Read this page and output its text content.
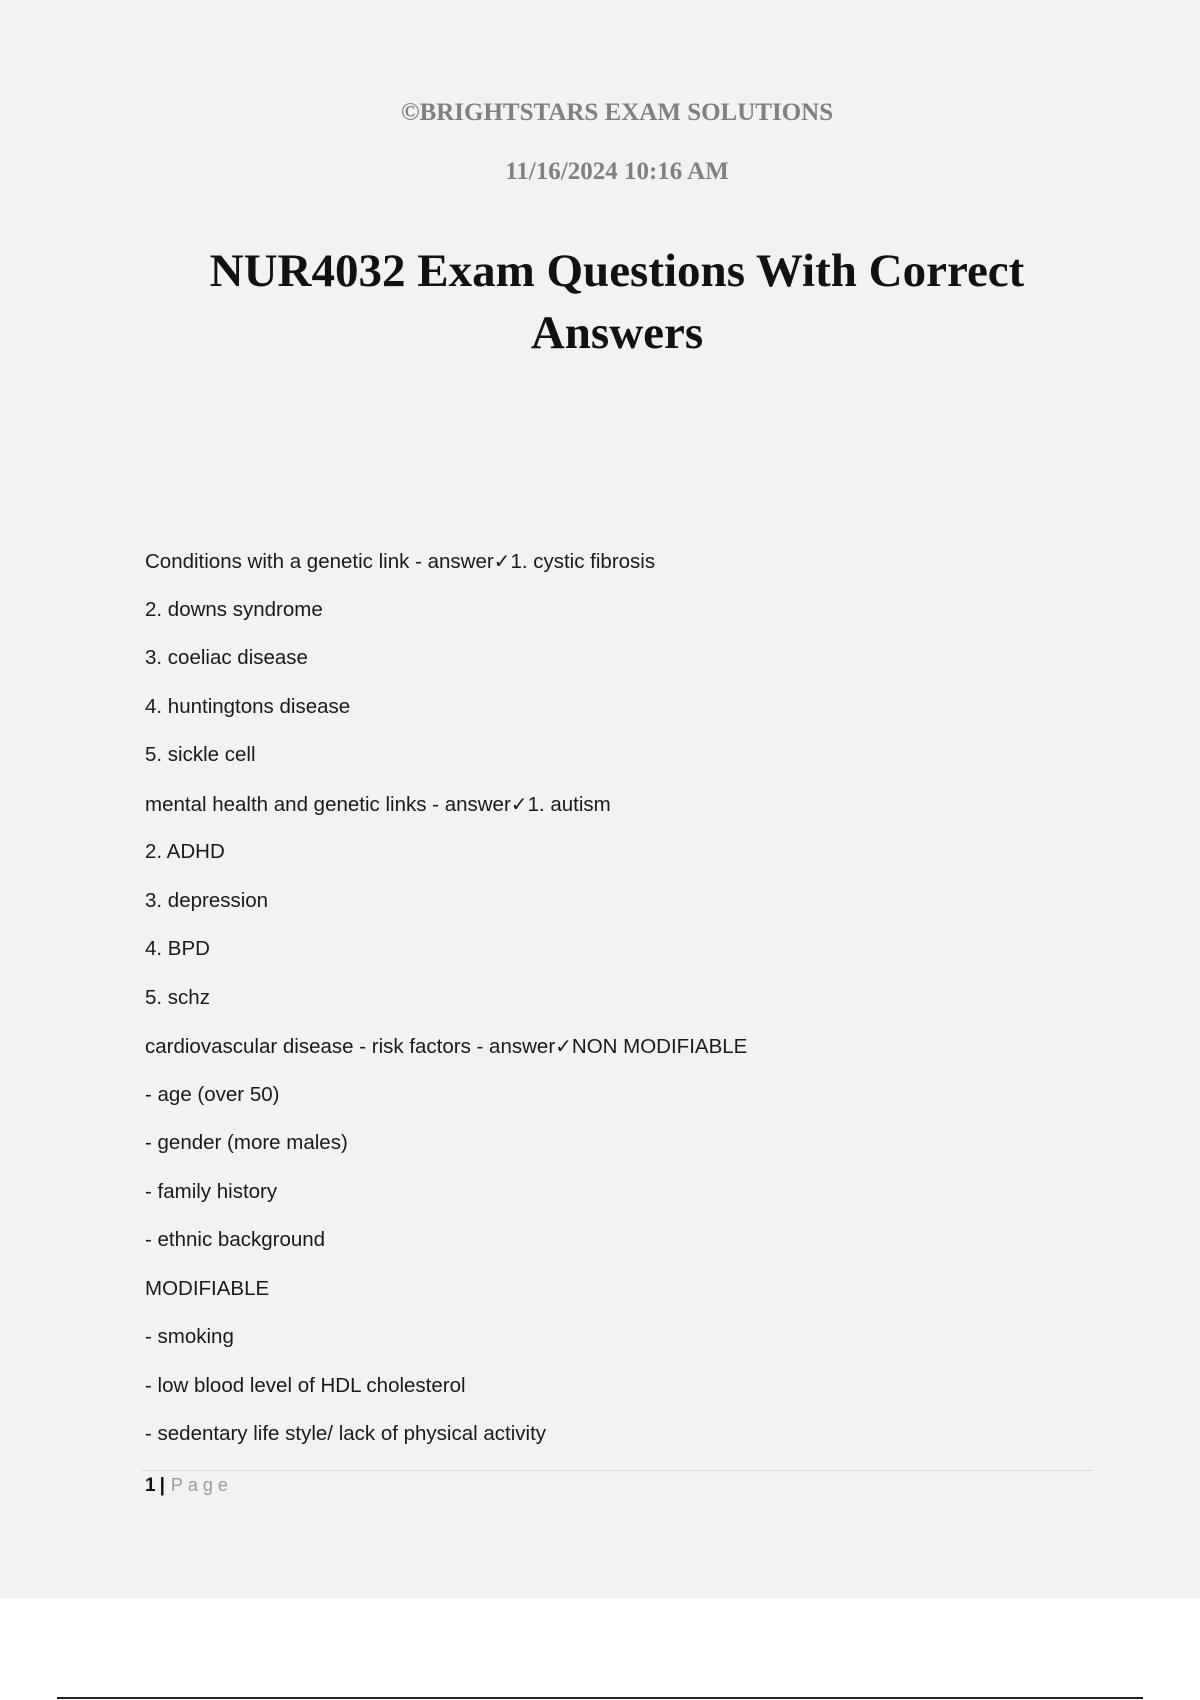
©BRIGHTSTARS EXAM SOLUTIONS

11/16/2024 10:16 AM

NUR4032 Exam Questions With Correct Answers
Conditions with a genetic link - answer✓1. cystic fibrosis
2. downs syndrome
3. coeliac disease
4. huntingtons disease
5. sickle cell
mental health and genetic links - answer✓1. autism
2. ADHD
3. depression
4. BPD
5. schz
cardiovascular disease - risk factors - answer✓NON MODIFIABLE
- age (over 50)
- gender (more males)
- family history
- ethnic background
MODIFIABLE
- smoking
- low blood level of HDL cholesterol
- sedentary life style/ lack of physical activity
1 | Page
